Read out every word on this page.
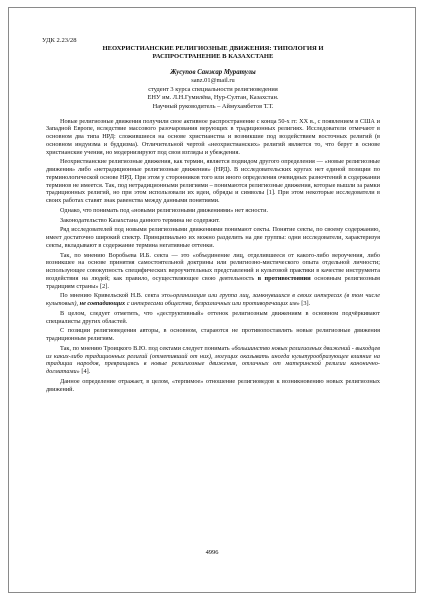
УДК 2.23/28

НЕОХРИСТИАНСКИЕ РЕЛИГИОЗНЫЕ ДВИЖЕНИЯ: ТИПОЛОГИЯ И

РАСПРОСТРАНЕНИЕ В КАЗАХСТАНЕ

Жусупов Санжар Муратулы
sanz.01@mail.ru
студент 3 курса специальности религиоведения
ЕНУ им. Л.Н.Гумилёва, Нур-Султан, Казахстан.
Научный руководитель – Аймухамбетов Т.Т.

Новые религиозные движения получили свое активное распространение с конца 50-х гг. XX в., с появлением в США и Западной Европе, вследствие массового разочарования верующих в традиционных религиях. Исследователи отмечают в основном два типа НРД: сложившиеся на основе христианства и возникшие под воздействием восточных религий (в основном индуизма и буддизма). Отличительной чертой «неохристианских» религий является то, что берут в основе христианские учения, но модернизируют под свои взгляды и убеждения.

Неохристианские религиозные движения, как термин, является подвидом другого определения — «новые религиозные движения» либо «нетрадиционные религиозные движения» (НРД). В исследовательских кругах нет единой позиции по терминологической основе НРД. При этом у сторонников того или иного определения очевидных разночтений в содержании терминов не имеется. Так, под нетрадиционными религиями – понимаются религиозные движения, которые вышли за рамки традиционных религий, но при этом использовали их идеи, обряды и символы [1]. При этом некоторые исследователи в своих работах ставят знак равенства между данными понятиями.

Однако, что понимать под «новыми религиозными движениями» нет ясности.

Законодательство Казахстана данного термина не содержит.

Ряд исследователей под новыми религиозными движениями понимают секты. Понятие секты, по своему содержанию, имеет достаточно широкий спектр. Принципиально их можно разделить на две группы: одни исследователи, характеризуя секты, вкладывают в содержание термина негативные оттенки.

Так, по мнению Воробьева И.Б. секта — это «объединение лиц, отделившееся от какого-либо вероучения, либо возникшее на основе принятия самостоятельной доктрины или религиозно-мистического опыта отдельной личности; использующее совокупность специфических вероучительных представлений и культовой практики в качестве инструмента воздействия на людей; как правило, осуществляющее свою деятельность в противостоянии основным религиозным традициям страны» [2].

По мнению Кривельской Н.В. секта это»организация или группа лиц, замкнувшихся в своих интересах (в том числе культовых), не совпадающих с интересами общества, безразличных или противоречащих им» [3].

В целом, следует отметить, что «деструктивный» оттенок религиозным движениям в основном подчёркивают специалисты других областей.

С позиции религиоведения авторы, в основном, стараются не противопоставлять новые религиозные движения традиционным религиям.

Так, по мнению Троицкого В.Ю. под сектами следует понимать «большинство новых религиозных движений - выходцев из каких-либо традиционных религий (отметивший от них), могущих оказывать иногда культурообразующее влияние на традиции народов, превращаясь в новые религиозные движения, отличных от материнской религии канонично-догматами» [4].

Данное определение отражает, в целом, «терпимое» отношение религиоведов к возникновению новых религиозных движений.

4996
